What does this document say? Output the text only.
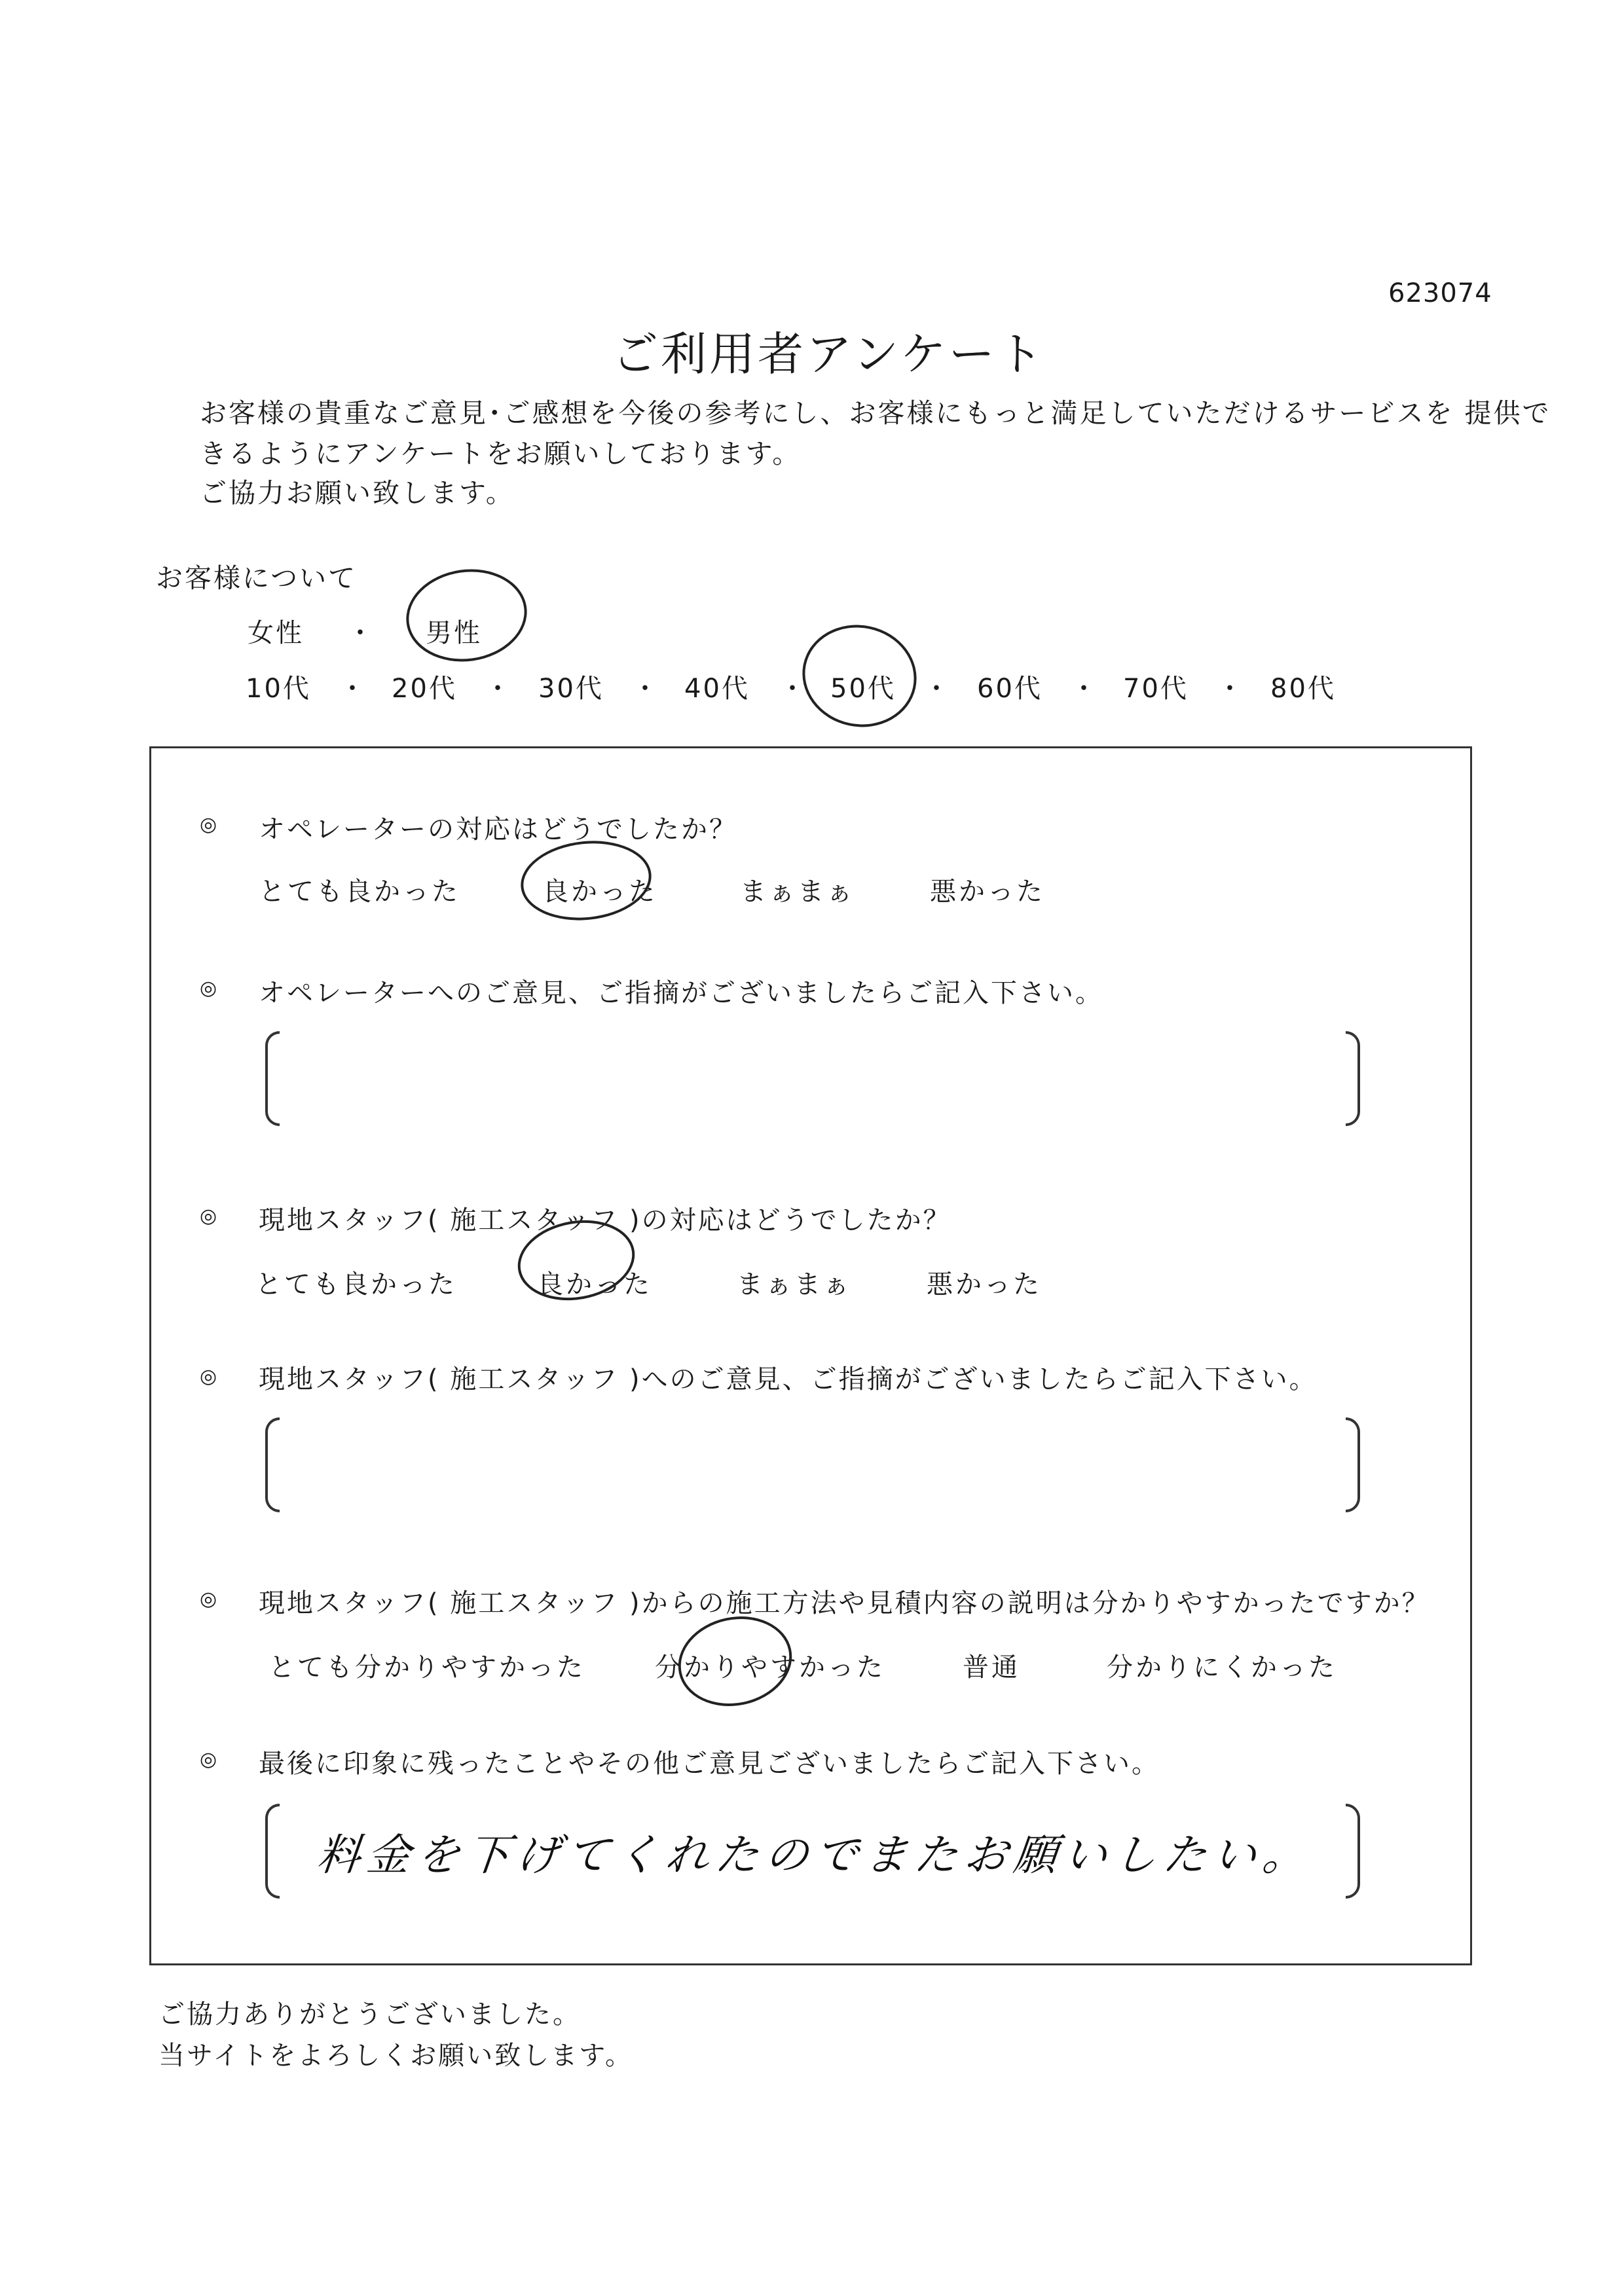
623074
ご利用者アンケート
お客様の貴重なご意見･ご感想を今後の参考にし、お客様にもっと満足していただけるサービスを 提供で
きるようにアンケートをお願いしております。
ご協力お願い致します。
お客様について
女性 ・ 男性
10代 ・ 20代 ・ 30代 ・ 40代 ・ 50代 ・ 60代 ・ 70代 ・ 80代
◎ オペレーターの対応はどうでしたか？
とても良かった	良かった	まぁまぁ	悪かった
◎ オペレーターへのご意見、ご指摘がございましたらご記入下さい。
◎ 現地スタッフ( 施工スタッフ )の対応はどうでしたか？
とても良かった	良かった	まぁまぁ	悪かった
◎ 現地スタッフ( 施工スタッフ )へのご意見、ご指摘がございましたらご記入下さい。
◎ 現地スタッフ( 施工スタッフ )からの施工方法や見積内容の説明は分かりやすかったですか？
とても分かりやすかった	分かりやすかった	普通	分かりにくかった
◎ 最後に印象に残ったことやその他ご意見ございましたらご記入下さい。
料金を下げてくれたのでまたお願いしたい。
ご協力ありがとうございました。
当サイトをよろしくお願い致します。
